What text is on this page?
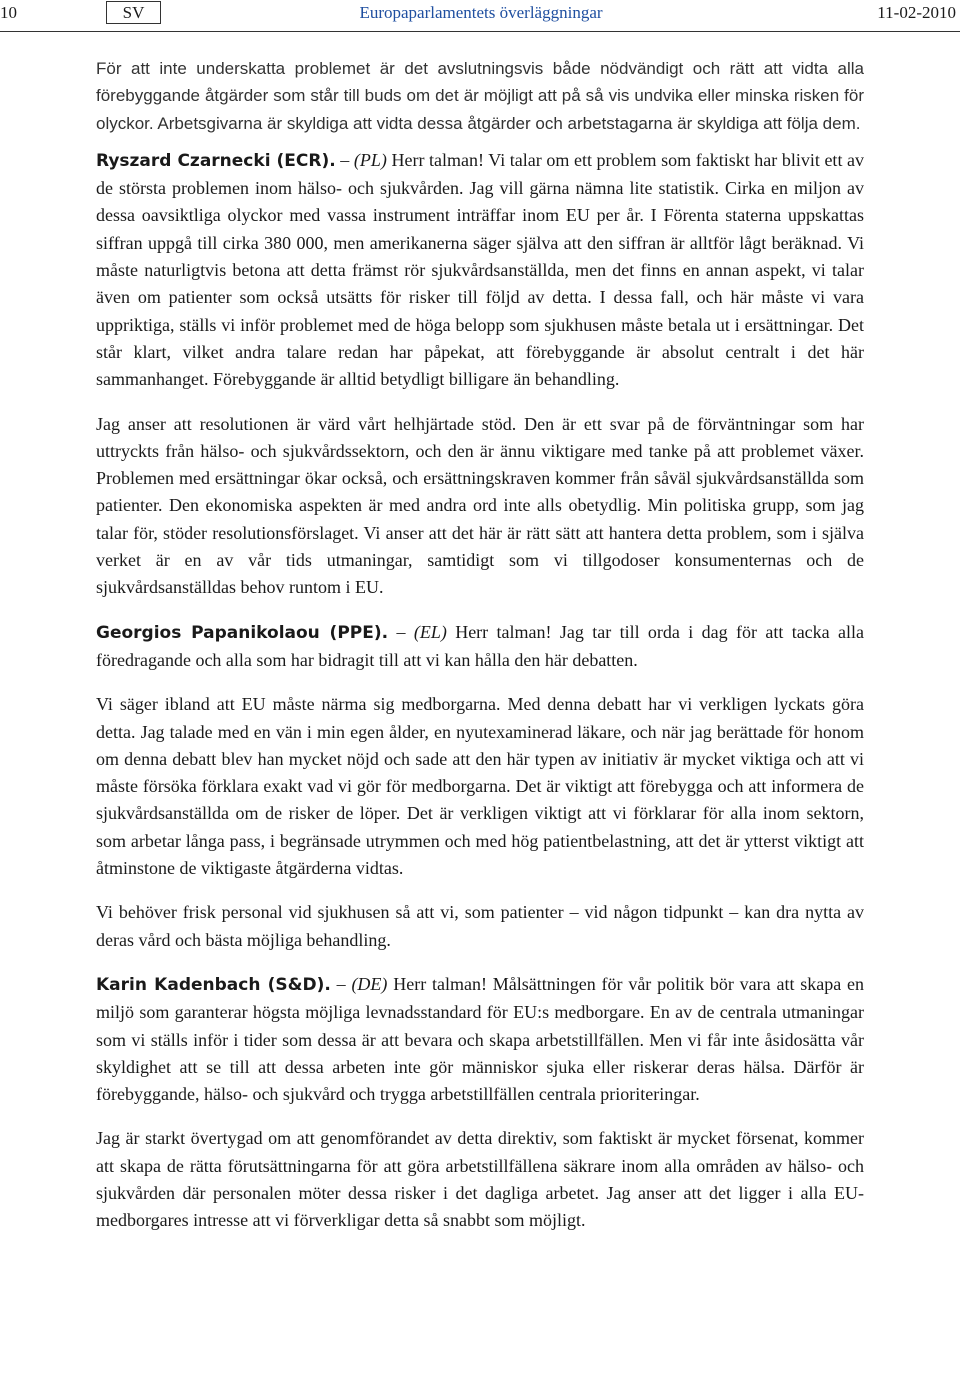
10	SV	Europaparlamentets överläggningar	11-02-2010

För att inte underskatta problemet är det avslutningsvis både nödvändigt och rätt att vidta alla förebyggande åtgärder som står till buds om det är möjligt att på så vis undvika eller minska risken för olyckor. Arbetsgivarna är skyldiga att vidta dessa åtgärder och arbetstagarna är skyldiga att följa dem.

Ryszard Czarnecki (ECR). – (PL) Herr talman! Vi talar om ett problem som faktiskt har blivit ett av de största problemen inom hälso- och sjukvården. Jag vill gärna nämna lite statistik. Cirka en miljon av dessa oavsiktliga olyckor med vassa instrument inträffar inom EU per år. I Förenta staterna uppskattas siffran uppgå till cirka 380 000, men amerikanerna säger själva att den siffran är alltför lågt beräknad. Vi måste naturligtvis betona att detta främst rör sjukvårdsanställda, men det finns en annan aspekt, vi talar även om patienter som också utsätts för risker till följd av detta. I dessa fall, och här måste vi vara uppriktiga, ställs vi inför problemet med de höga belopp som sjukhusen måste betala ut i ersättningar. Det står klart, vilket andra talare redan har påpekat, att förebyggande är absolut centralt i det här sammanhanget. Förebyggande är alltid betydligt billigare än behandling.

Jag anser att resolutionen är värd vårt helhjärtade stöd. Den är ett svar på de förväntningar som har uttryckts från hälso- och sjukvårdssektorn, och den är ännu viktigare med tanke på att problemet växer. Problemen med ersättningar ökar också, och ersättningskraven kommer från såväl sjukvårdsanställda som patienter. Den ekonomiska aspekten är med andra ord inte alls obetydlig. Min politiska grupp, som jag talar för, stöder resolutionsförslaget. Vi anser att det här är rätt sätt att hantera detta problem, som i själva verket är en av vår tids utmaningar, samtidigt som vi tillgodoser konsumenternas och de sjukvårdsanställdas behov runtom i EU.

Georgios Papanikolaou (PPE). – (EL) Herr talman! Jag tar till orda i dag för att tacka alla föredragande och alla som har bidragit till att vi kan hålla den här debatten.

Vi säger ibland att EU måste närma sig medborgarna. Med denna debatt har vi verkligen lyckats göra detta. Jag talade med en vän i min egen ålder, en nyutexaminerad läkare, och när jag berättade för honom om denna debatt blev han mycket nöjd och sade att den här typen av initiativ är mycket viktiga och att vi måste försöka förklara exakt vad vi gör för medborgarna. Det är viktigt att förebygga och att informera de sjukvårdsanställda om de risker de löper. Det är verkligen viktigt att vi förklarar för alla inom sektorn, som arbetar långa pass, i begränsade utrymmen och med hög patientbelastning, att det är ytterst viktigt att åtminstone de viktigaste åtgärderna vidtas.

Vi behöver frisk personal vid sjukhusen så att vi, som patienter – vid någon tidpunkt – kan dra nytta av deras vård och bästa möjliga behandling.

Karin Kadenbach (S&D). – (DE) Herr talman! Målsättningen för vår politik bör vara att skapa en miljö som garanterar högsta möjliga levnadsstandard för EU:s medborgare. En av de centrala utmaningar som vi ställs inför i tider som dessa är att bevara och skapa arbetstillfällen. Men vi får inte åsidosätta vår skyldighet att se till att dessa arbeten inte gör människor sjuka eller riskerar deras hälsa. Därför är förebyggande, hälso- och sjukvård och trygga arbetstillfällen centrala prioriteringar.

Jag är starkt övertygad om att genomförandet av detta direktiv, som faktiskt är mycket försenat, kommer att skapa de rätta förutsättningarna för att göra arbetstillfällena säkrare inom alla områden av hälso- och sjukvården där personalen möter dessa risker i det dagliga arbetet. Jag anser att det ligger i alla EU-medborgares intresse att vi förverkligar detta så snabbt som möjligt.
